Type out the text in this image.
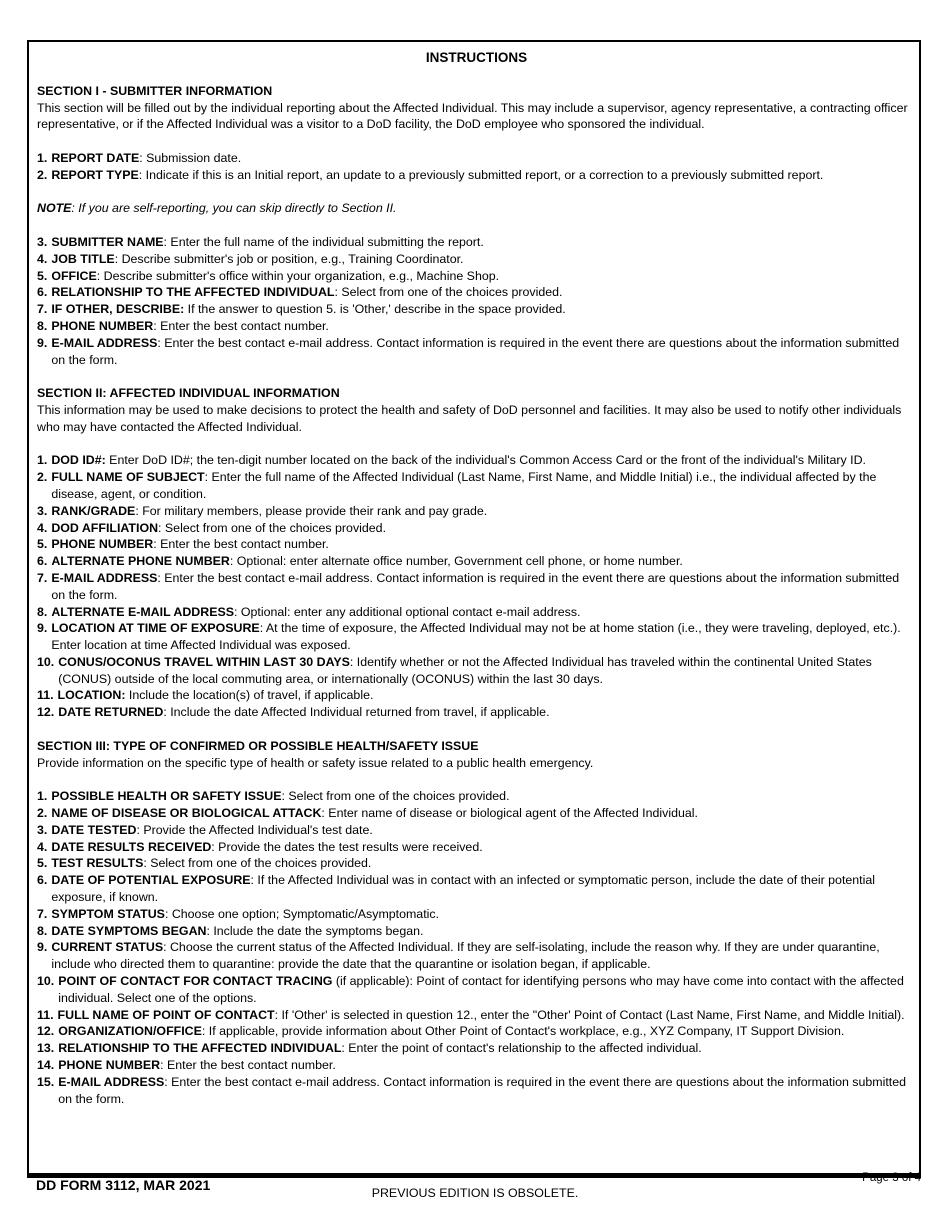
INSTRUCTIONS
SECTION I - SUBMITTER INFORMATION
This section will be filled out by the individual reporting about the Affected Individual. This may include a supervisor, agency representative, a contracting officer representative, or if the Affected Individual was a visitor to a DoD facility, the DoD employee who sponsored the individual.
1. REPORT DATE: Submission date.
2. REPORT TYPE: Indicate if this is an Initial report, an update to a previously submitted report, or a correction to a previously submitted report.
NOTE: If you are self-reporting, you can skip directly to Section II.
3. SUBMITTER NAME: Enter the full name of the individual submitting the report.
4. JOB TITLE: Describe submitter's job or position, e.g., Training Coordinator.
5. OFFICE: Describe submitter's office within your organization, e.g., Machine Shop.
6. RELATIONSHIP TO THE AFFECTED INDIVIDUAL: Select from one of the choices provided.
7. IF OTHER, DESCRIBE: If the answer to question 5. is 'Other,' describe in the space provided.
8. PHONE NUMBER: Enter the best contact number.
9. E-MAIL ADDRESS: Enter the best contact e-mail address. Contact information is required in the event there are questions about the information submitted on the form.
SECTION II: AFFECTED INDIVIDUAL INFORMATION
This information may be used to make decisions to protect the health and safety of DoD personnel and facilities. It may also be used to notify other individuals who may have contacted the Affected Individual.
1. DOD ID#: Enter DoD ID#; the ten-digit number located on the back of the individual's Common Access Card or the front of the individual's Military ID.
2. FULL NAME OF SUBJECT: Enter the full name of the Affected Individual (Last Name, First Name, and Middle Initial) i.e., the individual affected by the disease, agent, or condition.
3. RANK/GRADE: For military members, please provide their rank and pay grade.
4. DOD AFFILIATION: Select from one of the choices provided.
5. PHONE NUMBER: Enter the best contact number.
6. ALTERNATE PHONE NUMBER: Optional: enter alternate office number, Government cell phone, or home number.
7. E-MAIL ADDRESS: Enter the best contact e-mail address. Contact information is required in the event there are questions about the information submitted on the form.
8. ALTERNATE E-MAIL ADDRESS: Optional: enter any additional optional contact e-mail address.
9. LOCATION AT TIME OF EXPOSURE: At the time of exposure, the Affected Individual may not be at home station (i.e., they were traveling, deployed, etc.). Enter location at time Affected Individual was exposed.
10. CONUS/OCONUS TRAVEL WITHIN LAST 30 DAYS: Identify whether or not the Affected Individual has traveled within the continental United States (CONUS) outside of the local commuting area, or internationally (OCONUS) within the last 30 days.
11. LOCATION: Include the location(s) of travel, if applicable.
12. DATE RETURNED: Include the date Affected Individual returned from travel, if applicable.
SECTION III: TYPE OF CONFIRMED OR POSSIBLE HEALTH/SAFETY ISSUE
Provide information on the specific type of health or safety issue related to a public health emergency.
1. POSSIBLE HEALTH OR SAFETY ISSUE: Select from one of the choices provided.
2. NAME OF DISEASE OR BIOLOGICAL ATTACK: Enter name of disease or biological agent of the Affected Individual.
3. DATE TESTED: Provide the Affected Individual's test date.
4. DATE RESULTS RECEIVED: Provide the dates the test results were received.
5. TEST RESULTS: Select from one of the choices provided.
6. DATE OF POTENTIAL EXPOSURE: If the Affected Individual was in contact with an infected or symptomatic person, include the date of their potential exposure, if known.
7. SYMPTOM STATUS: Choose one option; Symptomatic/Asymptomatic.
8. DATE SYMPTOMS BEGAN: Include the date the symptoms began.
9. CURRENT STATUS: Choose the current status of the Affected Individual. If they are self-isolating, include the reason why. If they are under quarantine, include who directed them to quarantine: provide the date that the quarantine or isolation began, if applicable.
10. POINT OF CONTACT FOR CONTACT TRACING (if applicable): Point of contact for identifying persons who may have come into contact with the affected individual. Select one of the options.
11. FULL NAME OF POINT OF CONTACT: If 'Other' is selected in question 12., enter the "Other' Point of Contact (Last Name, First Name, and Middle Initial).
12. ORGANIZATION/OFFICE: If applicable, provide information about Other Point of Contact's workplace, e.g., XYZ Company, IT Support Division.
13. RELATIONSHIP TO THE AFFECTED INDIVIDUAL: Enter the point of contact's relationship to the affected individual.
14. PHONE NUMBER: Enter the best contact number.
15. E-MAIL ADDRESS: Enter the best contact e-mail address. Contact information is required in the event there are questions about the information submitted on the form.
DD FORM 3112, MAR 2021	PREVIOUS EDITION IS OBSOLETE.
Page 3 of 4
